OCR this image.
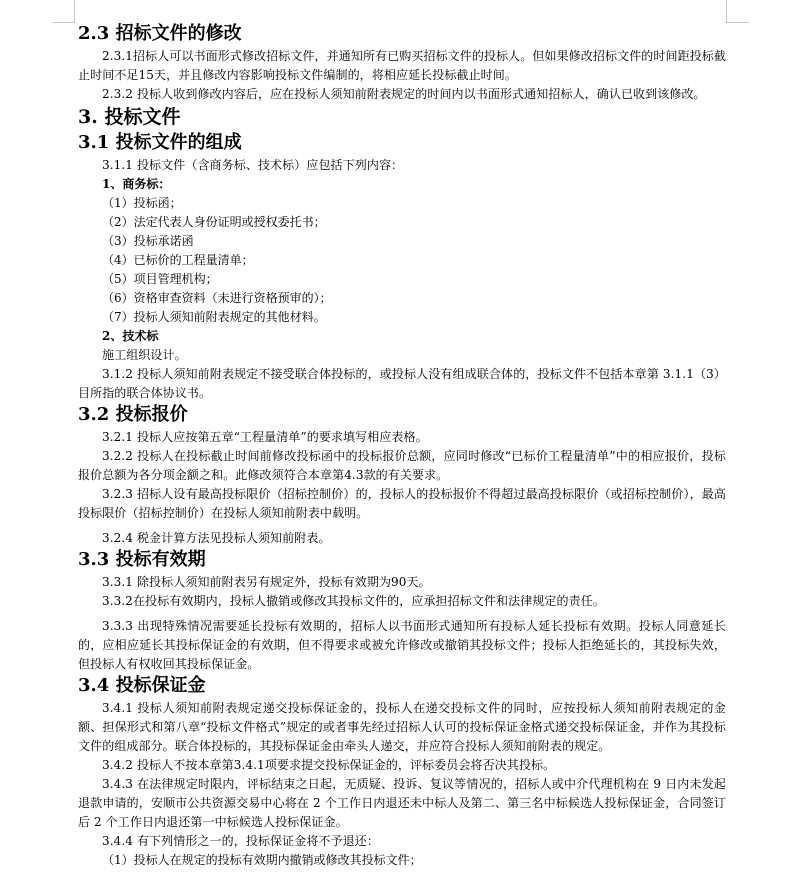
2.3 招标文件的修改
2.3.1招标人可以书面形式修改招标文件，并通知所有已购买招标文件的投标人。但如果修改招标文件的时间距投标截止时间不足15天，并且修改内容影响投标文件编制的，将相应延长投标截止时间。
2.3.2 投标人收到修改内容后，应在投标人须知前附表规定的时间内以书面形式通知招标人，确认已收到该修改。
3. 投标文件
3.1 投标文件的组成
3.1.1 投标文件（含商务标、技术标）应包括下列内容：
1、商务标：
（1）投标函；
（2）法定代表人身份证明或授权委托书；
（3）投标承诺函
（4）已标价的工程量清单；
（5）项目管理机构；
（6）资格审查资料（未进行资格预审的）；
（7）投标人须知前附表规定的其他材料。
2、技术标
施工组织设计。
3.1.2 投标人须知前附表规定不接受联合体投标的，或投标人没有组成联合体的，投标文件不包括本章第 3.1.1（3）目所指的联合体协议书。
3.2 投标报价
3.2.1 投标人应按第五章“工程量清单”的要求填写相应表格。
3.2.2 投标人在投标截止时间前修改投标函中的投标报价总额，应同时修改“已标价工程量清单”中的相应报价，投标报价总额为各分项金额之和。此修改须符合本章第4.3款的有关要求。
3.2.3 招标人设有最高投标限价（招标控制价）的，投标人的投标报价不得超过最高投标限价（或招标控制价），最高投标限价（招标控制价）在投标人须知前附表中载明。
3.2.4 税金计算方法见投标人须知前附表。
3.3 投标有效期
3.3.1 除投标人须知前附表另有规定外，投标有效期为90天。
3.3.2在投标有效期内，投标人撤销或修改其投标文件的，应承担招标文件和法律规定的责任。
3.3.3 出现特殊情况需要延长投标有效期的，招标人以书面形式通知所有投标人延长投标有效期。投标人同意延长的，应相应延长其投标保证金的有效期，但不得要求或被允许修改或撤销其投标文件；投标人拒绝延长的，其投标失效，但投标人有权收回其投标保证金。
3.4 投标保证金
3.4.1 投标人须知前附表规定递交投标保证金的，投标人在递交投标文件的同时，应按投标人须知前附表规定的金额、担保形式和第八章“投标文件格式”规定的或者事先经过招标人认可的投标保证金格式递交投标保证金，并作为其投标文件的组成部分。联合体投标的，其投标保证金由牵头人递交，并应符合投标人须知前附表的规定。
3.4.2 投标人不按本章第3.4.1项要求提交投标保证金的，评标委员会将否决其投标。
3.4.3 在法律规定时限内，评标结束之日起，无质疑、投诉、复议等情况的，招标人或中介代理机构在 9 日内未发起退款申请的，安顺市公共资源交易中心将在 2 个工作日内退还未中标人及第二、第三名中标候选人投标保证金，合同签订后 2 个工作日内退还第一中标候选人投标保证金。
3.4.4 有下列情形之一的，投标保证金将不予退还：
（1）投标人在规定的投标有效期内撤销或修改其投标文件；
